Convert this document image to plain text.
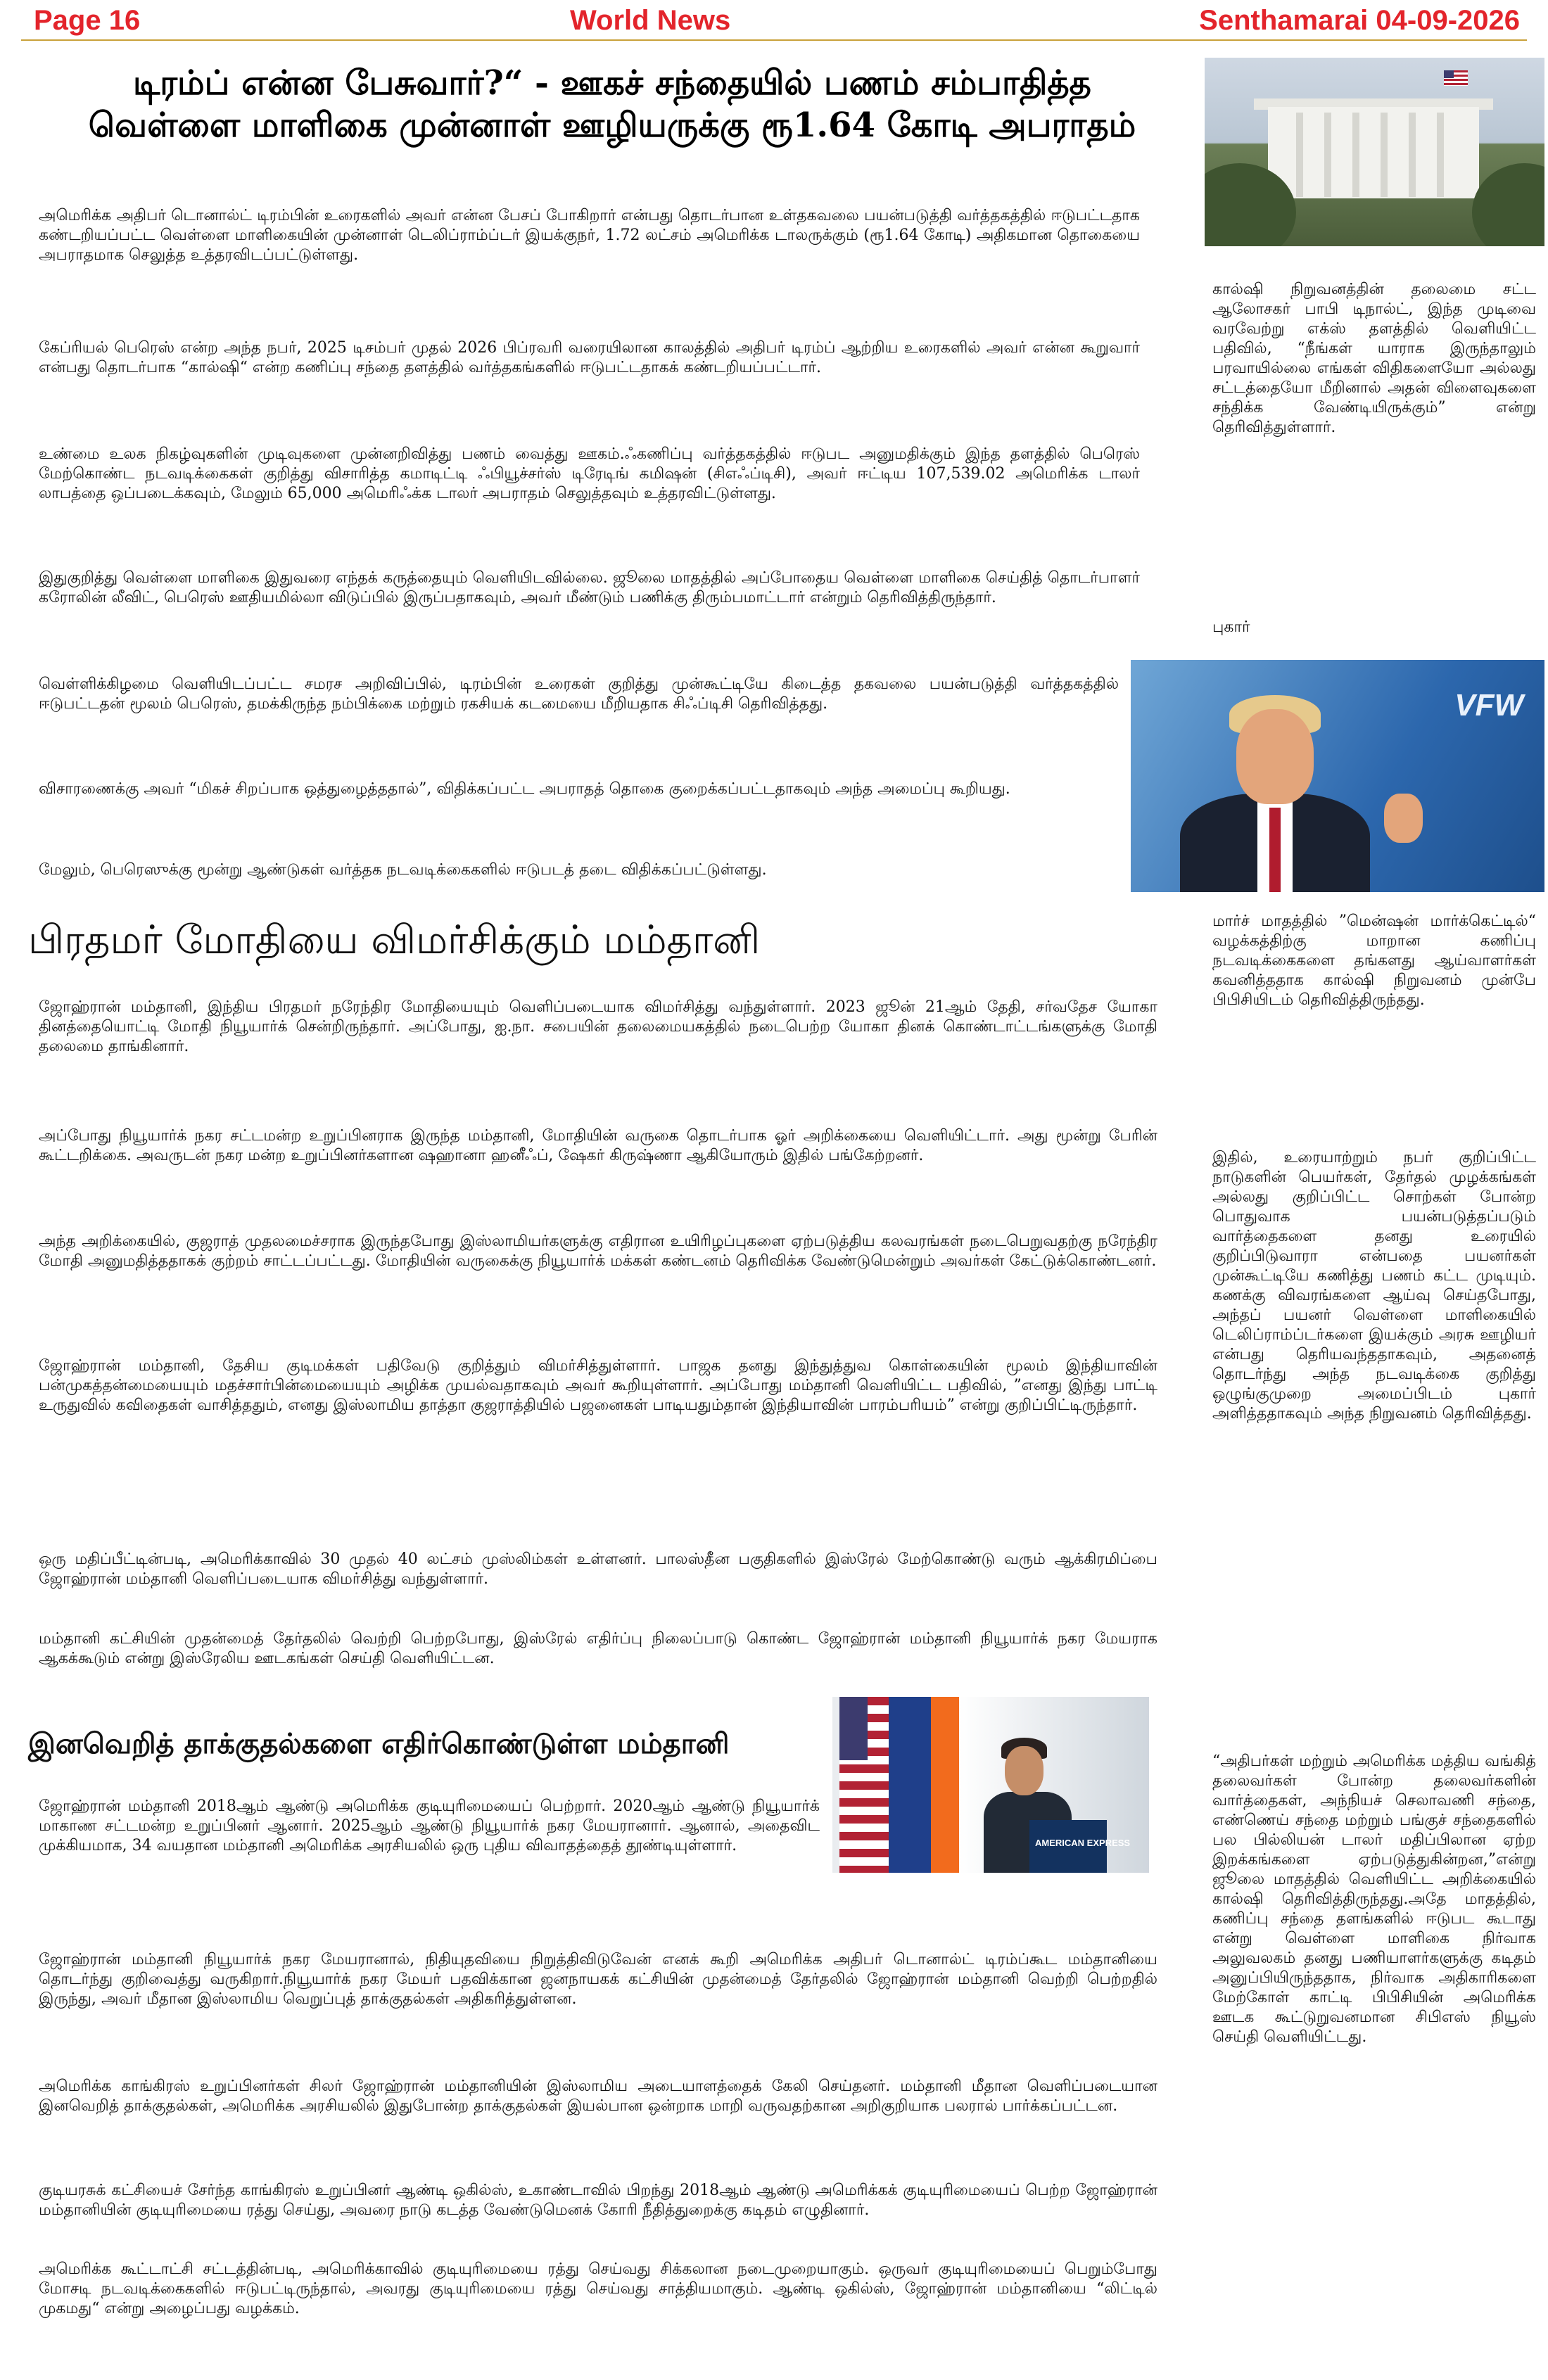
Page 16	World News	Senthamarai 04-09-2026
டிரம்ப் என்ன பேசுவார்?“ - ஊகச் சந்தையில் பணம் சம்பாதித்த
வெள்ளை மாளிகை முன்னாள் ஊழியருக்கு ரூ1.64 கோடி அபராதம்
அமெரிக்க அதிபர் டொனால்ட் டிரம்பின் உரைகளில் அவர் என்ன பேசப் போகிறார் என்பது தொடர்பான உள்தகவலை பயன்படுத்தி வர்த்தகத்தில் ஈடுபட்டதாக கண்டறியப்பட்ட வெள்ளை மாளிகையின் முன்னாள் டெலிப்ராம்ப்டர் இயக்குநர், 1.72 லட்சம் அமெரிக்க டாலருக்கும் (ரூ1.64 கோடி) அதிகமான தொகையை அபராதமாக செலுத்த உத்தரவிடப்பட்டுள்ளது.
கேப்ரியல் பெரெஸ் என்ற அந்த நபர், 2025 டிசம்பர் முதல் 2026 பிப்ரவரி வரையிலான காலத்தில் அதிபர் டிரம்ப் ஆற்றிய உரைகளில் அவர் என்ன கூறுவார் என்பது தொடர்பாக “கால்ஷி“ என்ற கணிப்பு சந்தை தளத்தில் வர்த்தகங்களில் ஈடுபட்டதாகக் கண்டறியப்பட்டார்.
உண்மை உலக நிகழ்வுகளின் முடிவுகளை முன்னறிவித்து பணம் வைத்து ஊகம்.ஃகணிப்பு வர்த்தகத்தில் ஈடுபட அனுமதிக்கும் இந்த தளத்தில் பெரெஸ் மேற்கொண்ட நடவடிக்கைகள் குறித்து விசாரித்த கமாடிட்டி ஃபியூச்சர்ஸ் டிரேடிங் கமிஷன் (சிஎஃப்டிசி), அவர் ஈட்டிய 107,539.02 அமெரிக்க டாலர் லாபத்தை ஒப்படைக்கவும், மேலும் 65,000 அமெரிஃக்க டாலர் அபராதம் செலுத்தவும் உத்தரவிட்டுள்ளது.
இதுகுறித்து வெள்ளை மாளிகை இதுவரை எந்தக் கருத்தையும் வெளியிடவில்லை. ஜூலை மாதத்தில் அப்போதைய வெள்ளை மாளிகை செய்தித் தொடர்பாளர் கரோலின் லீவிட், பெரெஸ் ஊதியமில்லா விடுப்பில் இருப்பதாகவும், அவர் மீண்டும் பணிக்கு திரும்பமாட்டார் என்றும் தெரிவித்திருந்தார்.
வெள்ளிக்கிழமை வெளியிடப்பட்ட சமரச அறிவிப்பில், டிரம்பின் உரைகள் குறித்து முன்கூட்டியே கிடைத்த தகவலை பயன்படுத்தி வர்த்தகத்தில் ஈடுபட்டதன் மூலம் பெரெஸ், தமக்கிருந்த நம்பிக்கை மற்றும் ரகசியக் கடமையை மீறியதாக சிஃப்டிசி தெரிவித்தது.
விசாரணைக்கு அவர் “மிகச் சிறப்பாக ஒத்துழைத்ததால்”, விதிக்கப்பட்ட அபராதத் தொகை குறைக்கப்பட்டதாகவும் அந்த அமைப்பு கூறியது.
மேலும், பெரெஸுக்கு மூன்று ஆண்டுகள் வர்த்தக நடவடிக்கைகளில் ஈடுபடத் தடை விதிக்கப்பட்டுள்ளது.
VFW
கால்ஷி நிறுவனத்தின் தலைமை சட்ட ஆலோசகர் பாபி டிநால்ட், இந்த முடிவை வரவேற்று எக்ஸ் தளத்தில் வெளியிட்ட பதிவில், “நீங்கள் யாராக இருந்தாலும் பரவாயில்லை எங்கள் விதிகளையோ அல்லது சட்டத்தையோ மீறினால் அதன் விளைவுகளை சந்திக்க வேண்டியிருக்கும்” என்று தெரிவித்துள்ளார்.
புகார்
மார்ச் மாதத்தில் ”மென்ஷன் மார்க்கெட்டில்“ வழக்கத்திற்கு மாறான கணிப்பு நடவடிக்கைகளை தங்களது ஆய்வாளர்கள் கவனித்ததாக கால்ஷி நிறுவனம் முன்பே பிபிசியிடம் தெரிவித்திருந்தது.
இதில், உரையாற்றும் நபர் குறிப்பிட்ட நாடுகளின் பெயர்கள், தேர்தல் முழக்கங்கள் அல்லது குறிப்பிட்ட சொற்கள் போன்ற பொதுவாக பயன்படுத்தப்படும் வார்த்தைகளை தனது உரையில் குறிப்பிடுவாரா என்பதை பயனர்கள் முன்கூட்டியே கணித்து பணம் கட்ட முடியும். கணக்கு விவரங்களை ஆய்வு செய்தபோது, அந்தப் பயனர் வெள்ளை மாளிகையில் டெலிப்ராம்ப்டர்களை இயக்கும் அரசு ஊழியர் என்பது தெரியவந்ததாகவும், அதனைத் தொடர்ந்து அந்த நடவடிக்கை குறித்து ஒழுங்குமுறை அமைப்பிடம் புகார் அளித்ததாகவும் அந்த நிறுவனம் தெரிவித்தது.
“அதிபர்கள் மற்றும் அமெரிக்க மத்திய வங்கித் தலைவர்கள் போன்ற தலைவர்களின் வார்த்தைகள், அந்நியச் செலாவணி சந்தை, எண்ணெய் சந்தை மற்றும் பங்குச் சந்தைகளில் பல பில்லியன் டாலர் மதிப்பிலான ஏற்ற இறக்கங்களை ஏற்படுத்துகின்றன,”என்று ஜூலை மாதத்தில் வெளியிட்ட அறிக்கையில் கால்ஷி தெரிவித்திருந்தது.அதே மாதத்தில், கணிப்பு சந்தை தளங்களில் ஈடுபட கூடாது என்று வெள்ளை மாளிகை நிர்வாக அலுவலகம் தனது பணியாளர்களுக்கு கடிதம் அனுப்பியிருந்ததாக, நிர்வாக அதிகாரிகளை மேற்கோள் காட்டி பிபிசியின் அமெரிக்க ஊடக கூட்டுறுவனமான சிபிஎஸ் நியூஸ் செய்தி வெளியிட்டது.
பிரதமர் மோதியை விமர்சிக்கும் மம்தானி
ஜோஹ்ரான் மம்தானி, இந்திய பிரதமர் நரேந்திர மோதியையும் வெளிப்படையாக விமர்சித்து வந்துள்ளார். 2023 ஜூன் 21ஆம் தேதி, சர்வதேச யோகா தினத்தையொட்டி மோதி நியூயார்க் சென்றிருந்தார். அப்போது, ஐ.நா. சபையின் தலைமையகத்தில் நடைபெற்ற யோகா தினக் கொண்டாட்டங்களுக்கு மோதி தலைமை தாங்கினார்.
அப்போது நியூயார்க் நகர சட்டமன்ற உறுப்பினராக இருந்த மம்தானி, மோதியின் வருகை தொடர்பாக ஓர் அறிக்கையை வெளியிட்டார். அது மூன்று பேரின் கூட்டறிக்கை. அவருடன் நகர மன்ற உறுப்பினர்களான ஷஹானா ஹனீஃப், ஷேகர் கிருஷ்ணா ஆகியோரும் இதில் பங்கேற்றனர்.
அந்த அறிக்கையில், குஜராத் முதலமைச்சராக இருந்தபோது இஸ்லாமியர்களுக்கு எதிரான உயிரிழப்புகளை ஏற்படுத்திய கலவரங்கள் நடைபெறுவதற்கு நரேந்திர மோதி அனுமதித்ததாகக் குற்றம் சாட்டப்பட்டது. மோதியின் வருகைக்கு நியூயார்க் மக்கள் கண்டனம் தெரிவிக்க வேண்டுமென்றும் அவர்கள் கேட்டுக்கொண்டனர்.
ஜோஹ்ரான் மம்தானி, தேசிய குடிமக்கள் பதிவேடு குறித்தும் விமர்சித்துள்ளார். பாஜக தனது இந்துத்துவ கொள்கையின் மூலம் இந்தியாவின் பன்முகத்தன்மையையும் மதச்சார்பின்மையையும் அழிக்க முயல்வதாகவும் அவர் கூறியுள்ளார். அப்போது மம்தானி வெளியிட்ட பதிவில், ”எனது இந்து பாட்டி உருதுவில் கவிதைகள் வாசித்ததும், எனது இஸ்லாமிய தாத்தா குஜராத்தியில் பஜனைகள் பாடியதும்தான் இந்தியாவின் பாரம்பரியம்” என்று குறிப்பிட்டிருந்தார்.
ஒரு மதிப்பீட்டின்படி, அமெரிக்காவில் 30 முதல் 40 லட்சம் முஸ்லிம்கள் உள்ளனர். பாலஸ்தீன பகுதிகளில் இஸ்ரேல் மேற்கொண்டு வரும் ஆக்கிரமிப்பை ஜோஹ்ரான் மம்தானி வெளிப்படையாக விமர்சித்து வந்துள்ளார்.
மம்தானி கட்சியின் முதன்மைத் தேர்தலில் வெற்றி பெற்றபோது, இஸ்ரேல் எதிர்ப்பு நிலைப்பாடு கொண்ட ஜோஹ்ரான் மம்தானி நியூயார்க் நகர மேயராக ஆகக்கூடும் என்று இஸ்ரேலிய ஊடகங்கள் செய்தி வெளியிட்டன.
இனவெறித் தாக்குதல்களை எதிர்கொண்டுள்ள மம்தானி
AMERICAN EXPRESS
ஜோஹ்ரான் மம்தானி 2018ஆம் ஆண்டு அமெரிக்க குடியுரிமையைப் பெற்றார். 2020ஆம் ஆண்டு நியூயார்க் மாகாண சட்டமன்ற உறுப்பினர் ஆனார். 2025ஆம் ஆண்டு நியூயார்க் நகர மேயரானார். ஆனால், அதைவிட முக்கியமாக, 34 வயதான மம்தானி அமெரிக்க அரசியலில் ஒரு புதிய விவாதத்தைத் தூண்டியுள்ளார்.
ஜோஹ்ரான் மம்தானி நியூயார்க் நகர மேயரானால், நிதியுதவியை நிறுத்திவிடுவேன் எனக் கூறி அமெரிக்க அதிபர் டொனால்ட் டிரம்ப்கூட மம்தானியை தொடர்ந்து குறிவைத்து வருகிறார்.நியூயார்க் நகர மேயர் பதவிக்கான ஜனநாயகக் கட்சியின் முதன்மைத் தேர்தலில் ஜோஹ்ரான் மம்தானி வெற்றி பெற்றதில் இருந்து, அவர் மீதான இஸ்லாமிய வெறுப்புத் தாக்குதல்கள் அதிகரித்துள்ளன.
அமெரிக்க காங்கிரஸ் உறுப்பினர்கள் சிலர் ஜோஹ்ரான் மம்தானியின் இஸ்லாமிய அடையாளத்தைக் கேலி செய்தனர். மம்தானி மீதான வெளிப்படையான இனவெறித் தாக்குதல்கள், அமெரிக்க அரசியலில் இதுபோன்ற தாக்குதல்கள் இயல்பான ஒன்றாக மாறி வருவதற்கான அறிகுறியாக பலரால் பார்க்கப்பட்டன.
குடியரசுக் கட்சியைச் சேர்ந்த காங்கிரஸ் உறுப்பினர் ஆண்டி ஒகில்ஸ், உகாண்டாவில் பிறந்து 2018ஆம் ஆண்டு அமெரிக்கக் குடியுரிமையைப் பெற்ற ஜோஹ்ரான் மம்தானியின் குடியுரிமையை ரத்து செய்து, அவரை நாடு கடத்த வேண்டுமெனக் கோரி நீதித்துறைக்கு கடிதம் எழுதினார்.
அமெரிக்க கூட்டாட்சி சட்டத்தின்படி, அமெரிக்காவில் குடியுரிமையை ரத்து செய்வது சிக்கலான நடைமுறையாகும். ஒருவர் குடியுரிமையைப் பெறும்போது மோசடி நடவடிக்கைகளில் ஈடுபட்டிருந்தால், அவரது குடியுரிமையை ரத்து செய்வது சாத்தியமாகும். ஆண்டி ஒகில்ஸ், ஜோஹ்ரான் மம்தானியை “லிட்டில் முகமது“ என்று அழைப்பது வழக்கம்.
